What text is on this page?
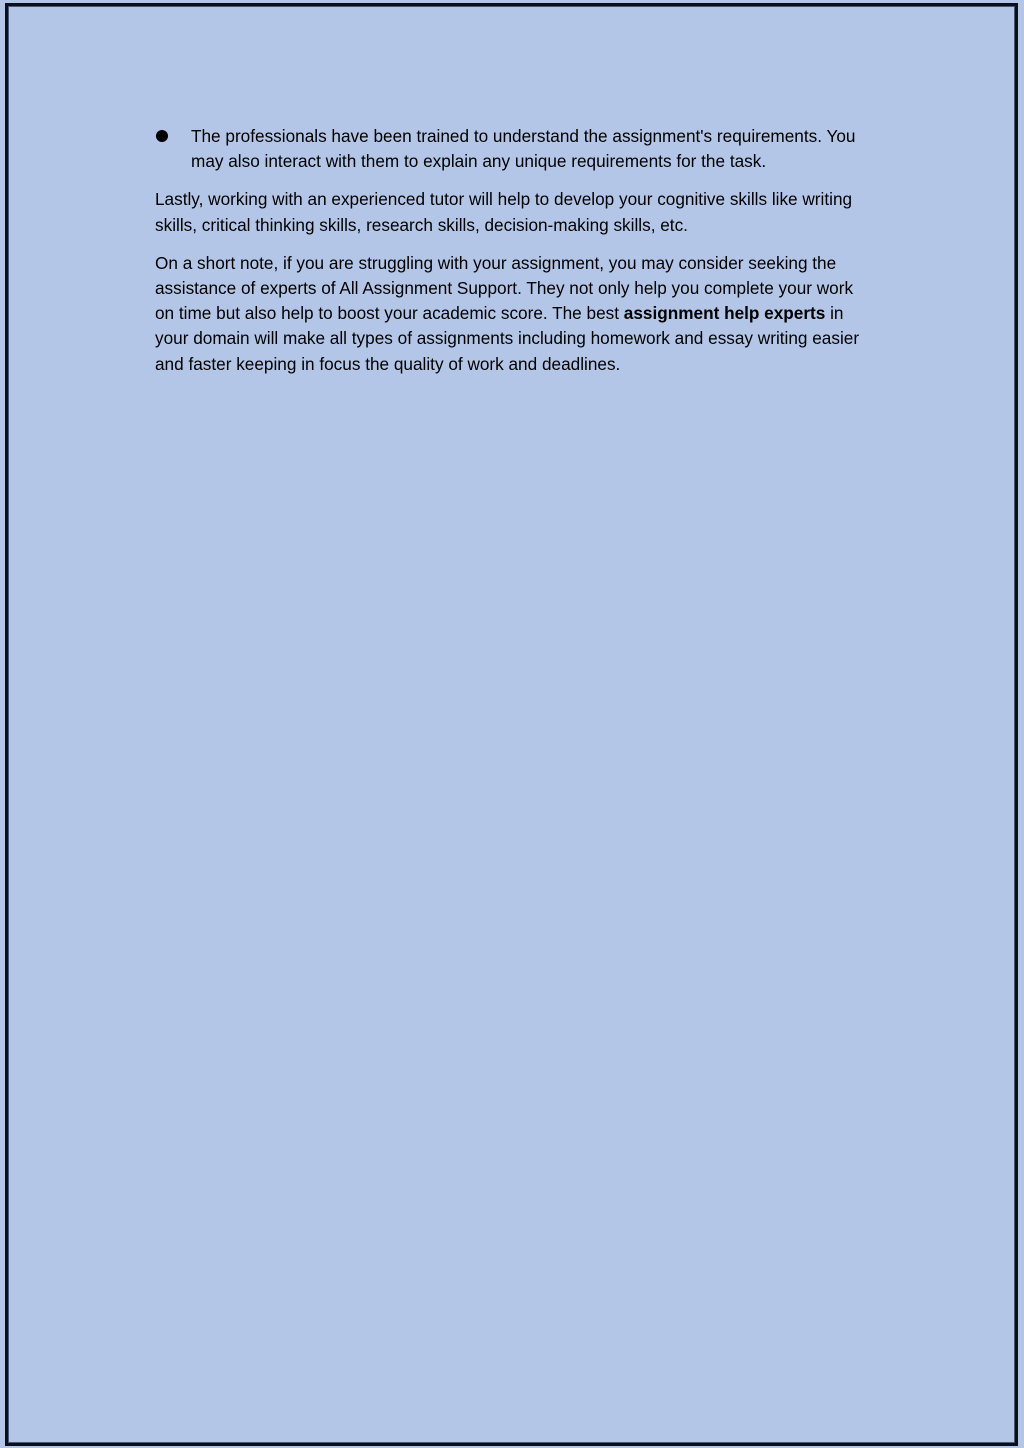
The professionals have been trained to understand the assignment's requirements. You may also interact with them to explain any unique requirements for the task.

Lastly, working with an experienced tutor will help to develop your cognitive skills like writing skills, critical thinking skills, research skills, decision-making skills, etc.

On a short note, if you are struggling with your assignment, you may consider seeking the assistance of experts of All Assignment Support. They not only help you complete your work on time but also help to boost your academic score. The best assignment help experts in your domain will make all types of assignments including homework and essay writing easier and faster keeping in focus the quality of work and deadlines.
